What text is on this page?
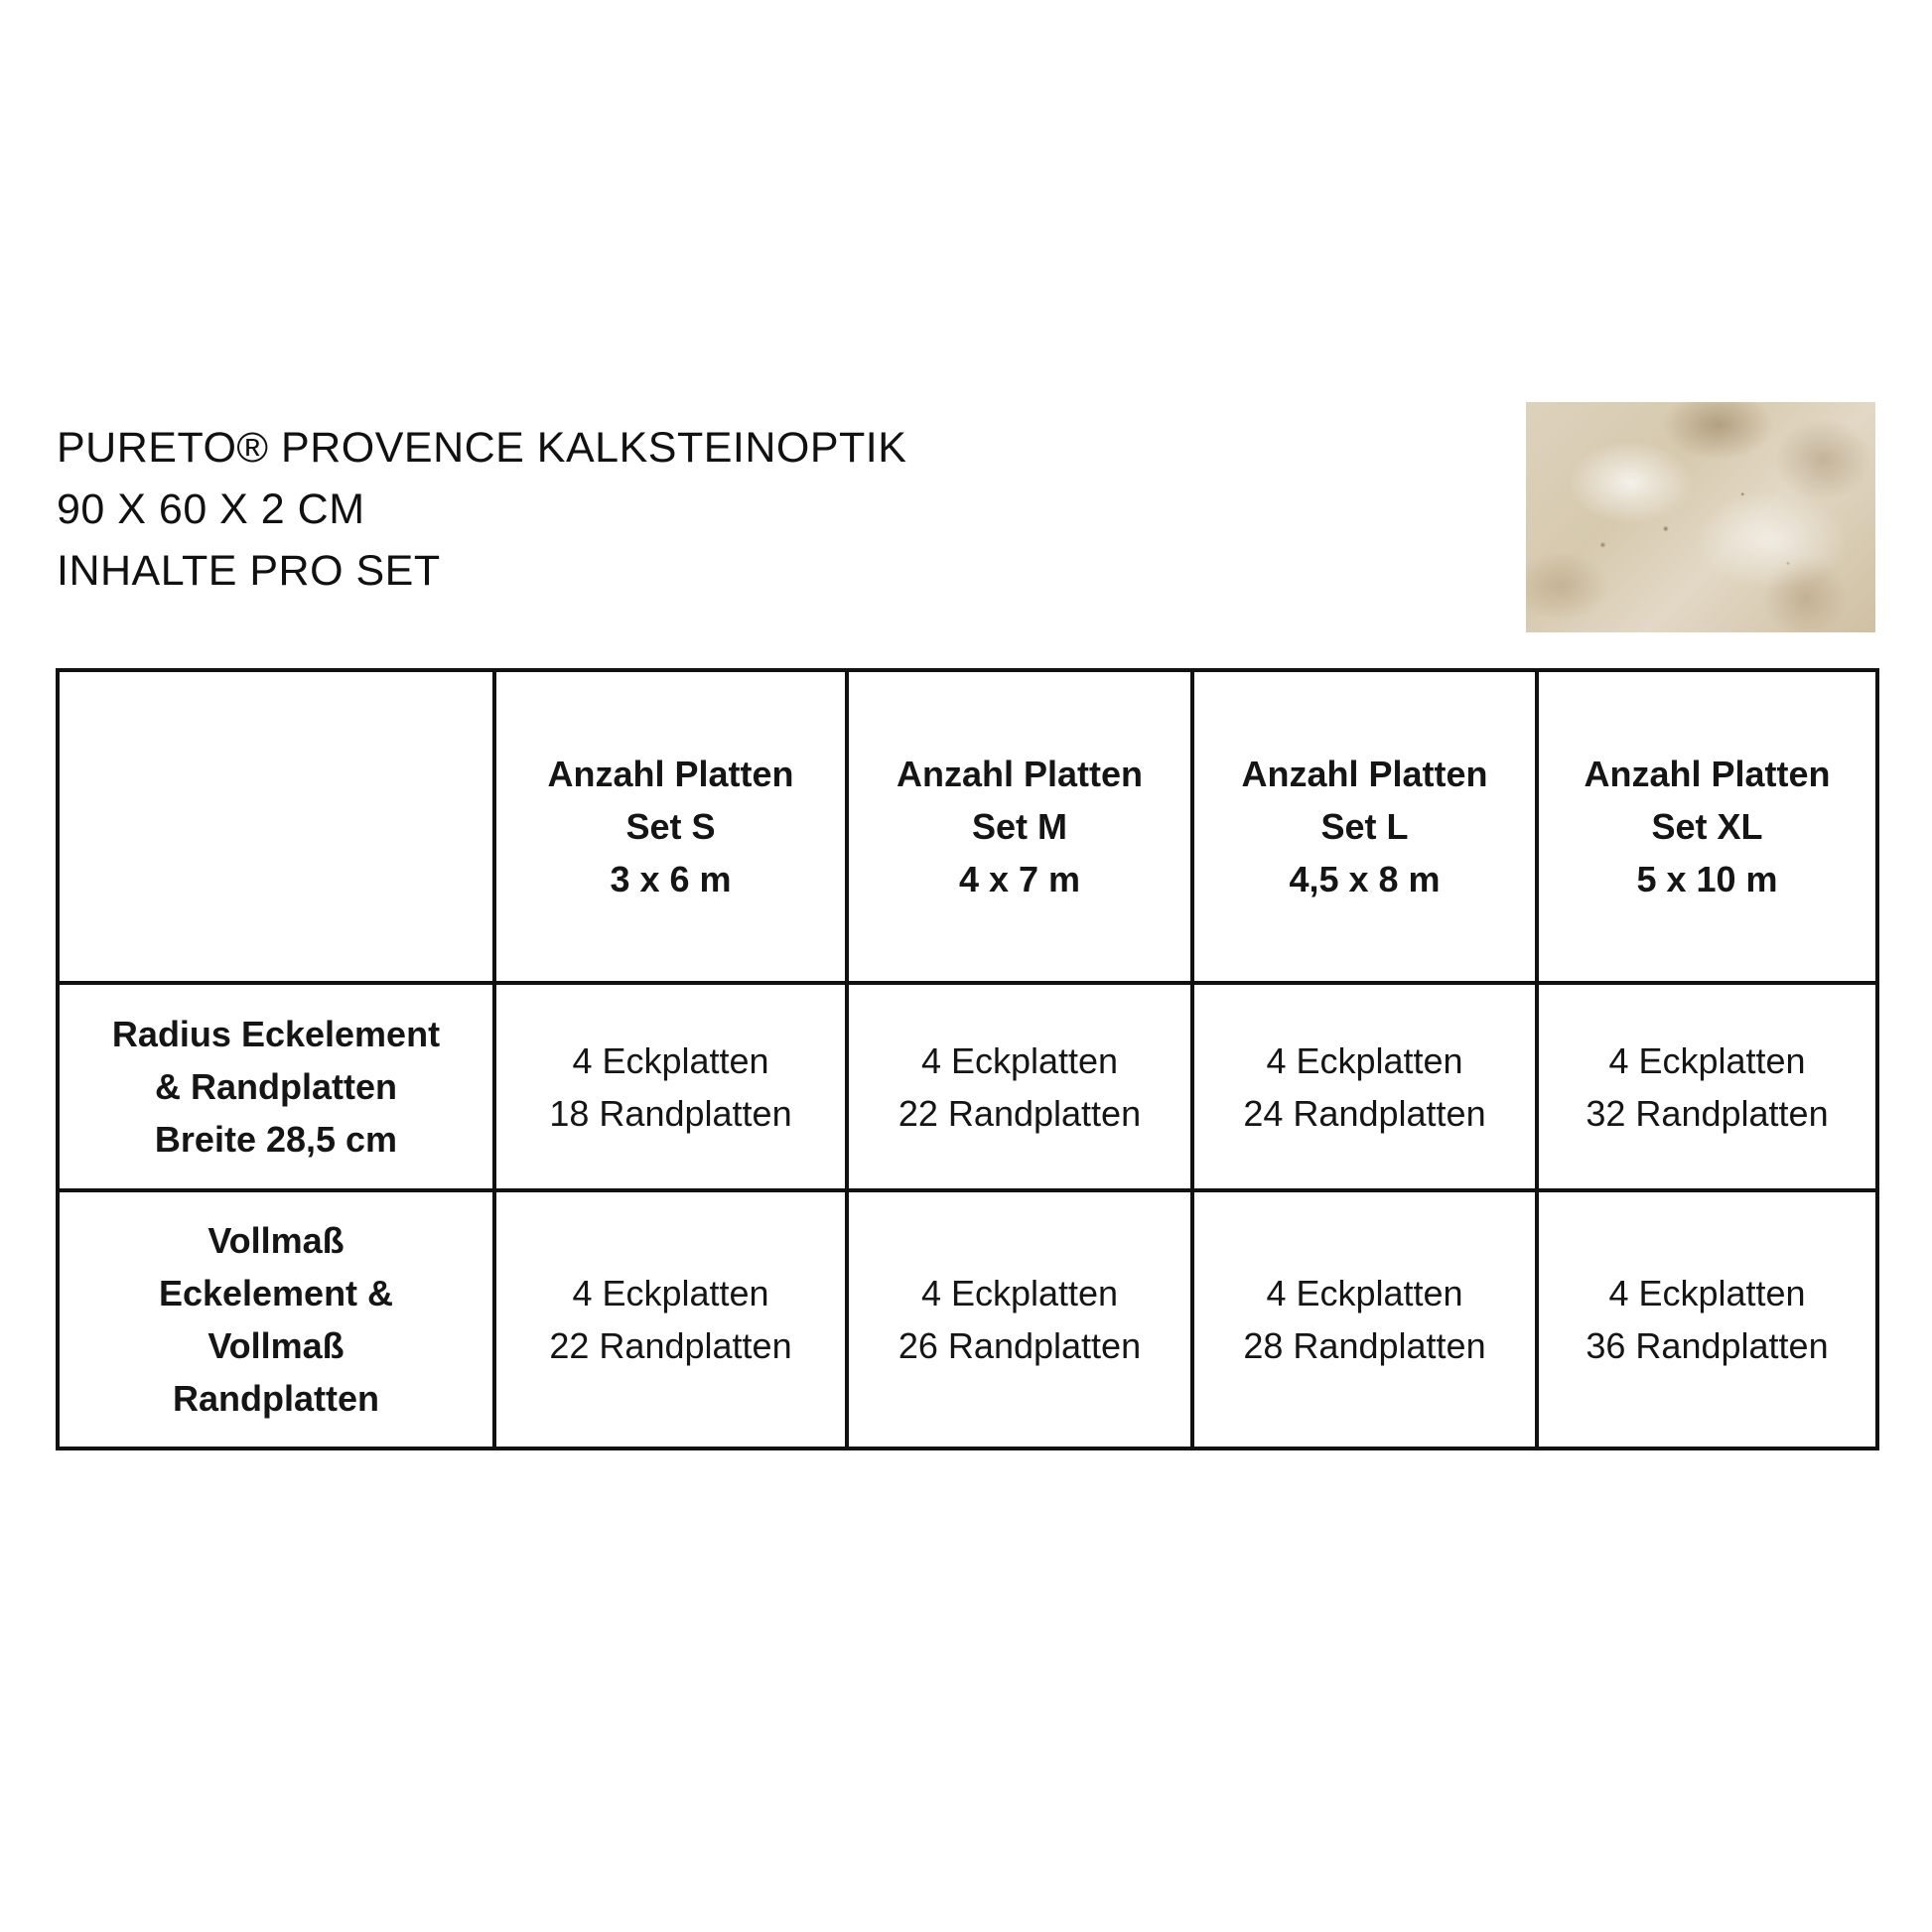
PURETO® PROVENCE KALKSTEINOPTIK
90 X 60 X 2 CM
INHALTE PRO SET

	Anzahl Platten
Set S
3 x 6 m	Anzahl Platten
Set M
4 x 7 m	Anzahl Platten
Set L
4,5 x 8 m	Anzahl Platten
Set XL
5 x 10 m

Radius Eckelement
& Randplatten
Breite 28,5 cm	4 Eckplatten
18 Randplatten	4 Eckplatten
22 Randplatten	4 Eckplatten
24 Randplatten	4 Eckplatten
32 Randplatten

Vollmaß
Eckelement &
Vollmaß
Randplatten	4 Eckplatten
22 Randplatten	4 Eckplatten
26 Randplatten	4 Eckplatten
28 Randplatten	4 Eckplatten
36 Randplatten
